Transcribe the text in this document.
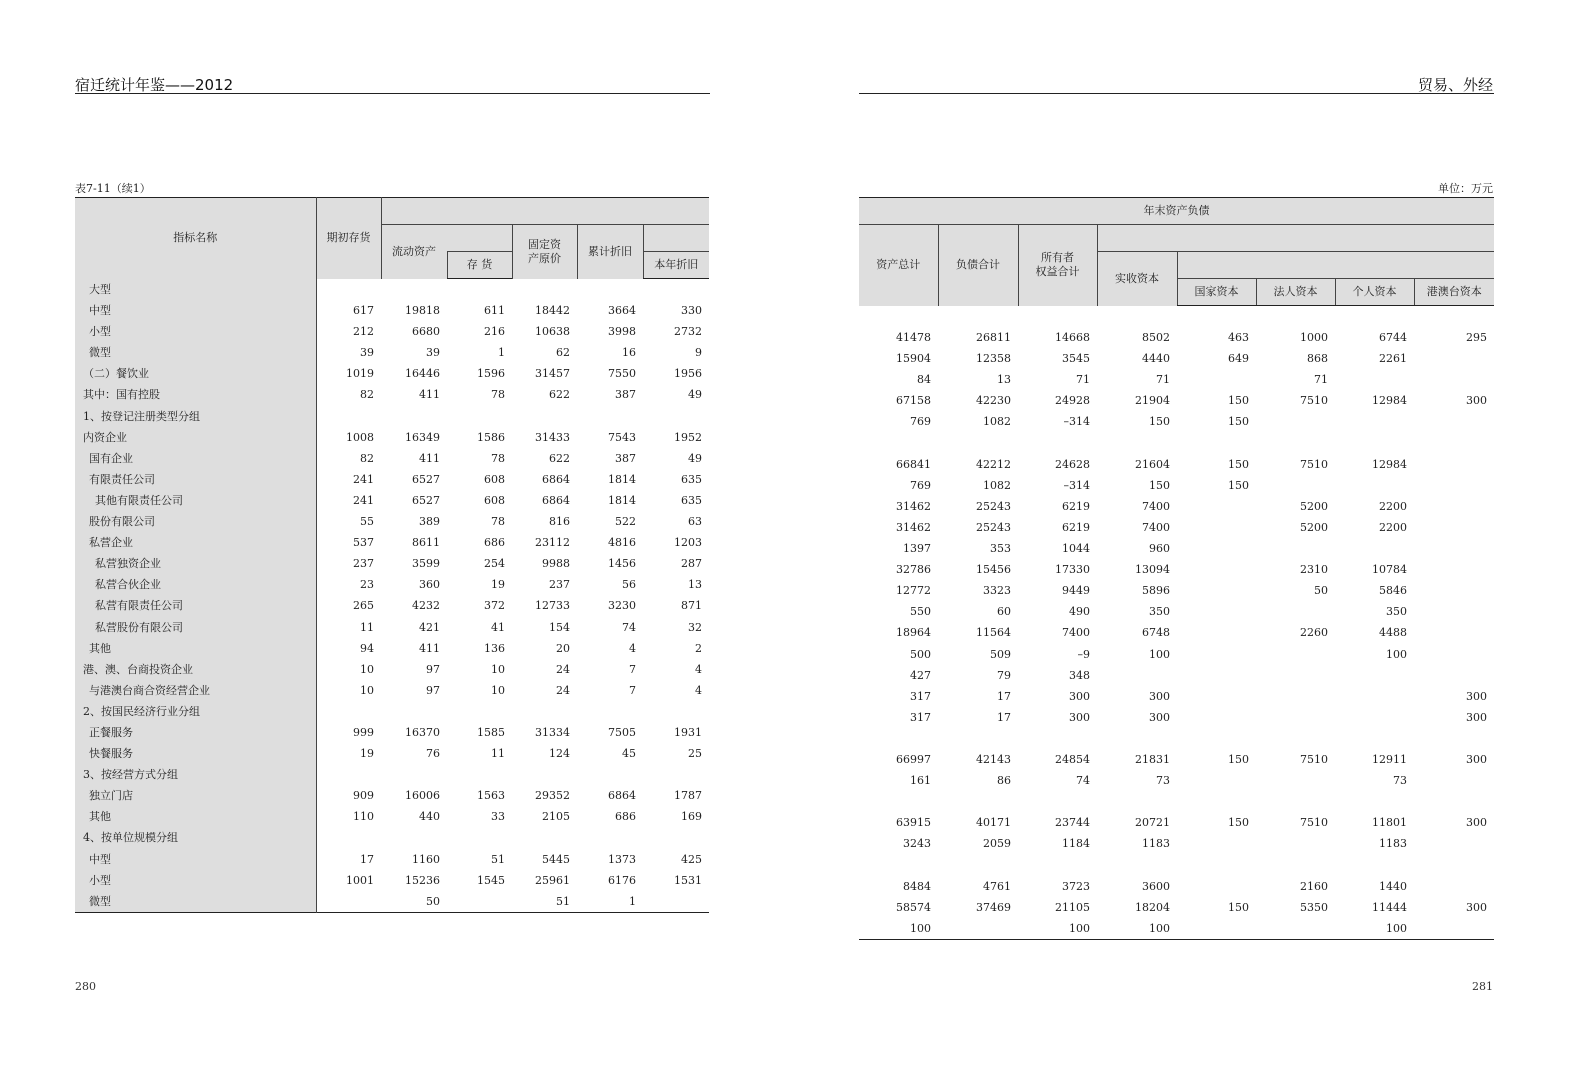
宿迁统计年鉴——2012	贸易、外经
表7-11（续1）	单位：万元
指标名称	期初存货					
		流动资产		固定资
产原价	累计折旧	
			存 货			本年折旧
大型						
中型	617	19818	611	18442	3664	330
小型	212	6680	216	10638	3998	2732
微型	39	39	1	62	16	9
（二）餐饮业	1019	16446	1596	31457	7550	1956
其中：国有控股	82	411	78	622	387	49
1、按登记注册类型分组						
内资企业	1008	16349	1586	31433	7543	1952
国有企业	82	411	78	622	387	49
有限责任公司	241	6527	608	6864	1814	635
其他有限责任公司	241	6527	608	6864	1814	635
股份有限公司	55	389	78	816	522	63
私营企业	537	8611	686	23112	4816	1203
私营独资企业	237	3599	254	9988	1456	287
私营合伙企业	23	360	19	237	56	13
私营有限责任公司	265	4232	372	12733	3230	871
私营股份有限公司	11	421	41	154	74	32
其他	94	411	136	20	4	2
港、澳、台商投资企业	10	97	10	24	7	4
与港澳台商合资经营企业	10	97	10	24	7	4
2、按国民经济行业分组						
正餐服务	999	16370	1585	31334	7505	1931
快餐服务	19	76	11	124	45	25
3、按经营方式分组						
独立门店	909	16006	1563	29352	6864	1787
其他	110	440	33	2105	686	169
4、按单位规模分组						
中型	17	1160	51	5445	1373	425
小型	1001	15236	1545	25961	6176	1531
微型		50		51	1	
年末资产负债							
资产总计	负债合计	所有者
权益合计					
			实收资本				
				国家资本	法人资本	个人资本	港澳台资本

41478	26811	14668	8502	463	1000	6744	295
15904	12358	3545	4440	649	868	2261	
84	13	71	71		71		
67158	42230	24928	21904	150	7510	12984	300
769	1082	–314	150	150			

66841	42212	24628	21604	150	7510	12984	
769	1082	–314	150	150			
31462	25243	6219	7400		5200	2200	
31462	25243	6219	7400		5200	2200	
1397	353	1044	960				
32786	15456	17330	13094		2310	10784	
12772	3323	9449	5896		50	5846	
550	60	490	350			350	
18964	11564	7400	6748		2260	4488	
500	509	–9	100			100	
427	79	348					
317	17	300	300				300
317	17	300	300				300

66997	42143	24854	21831	150	7510	12911	300
161	86	74	73			73	

63915	40171	23744	20721	150	7510	11801	300
3243	2059	1184	1183			1183	

8484	4761	3723	3600		2160	1440	
58574	37469	21105	18204	150	5350	11444	300
100		100	100			100	
280	281
